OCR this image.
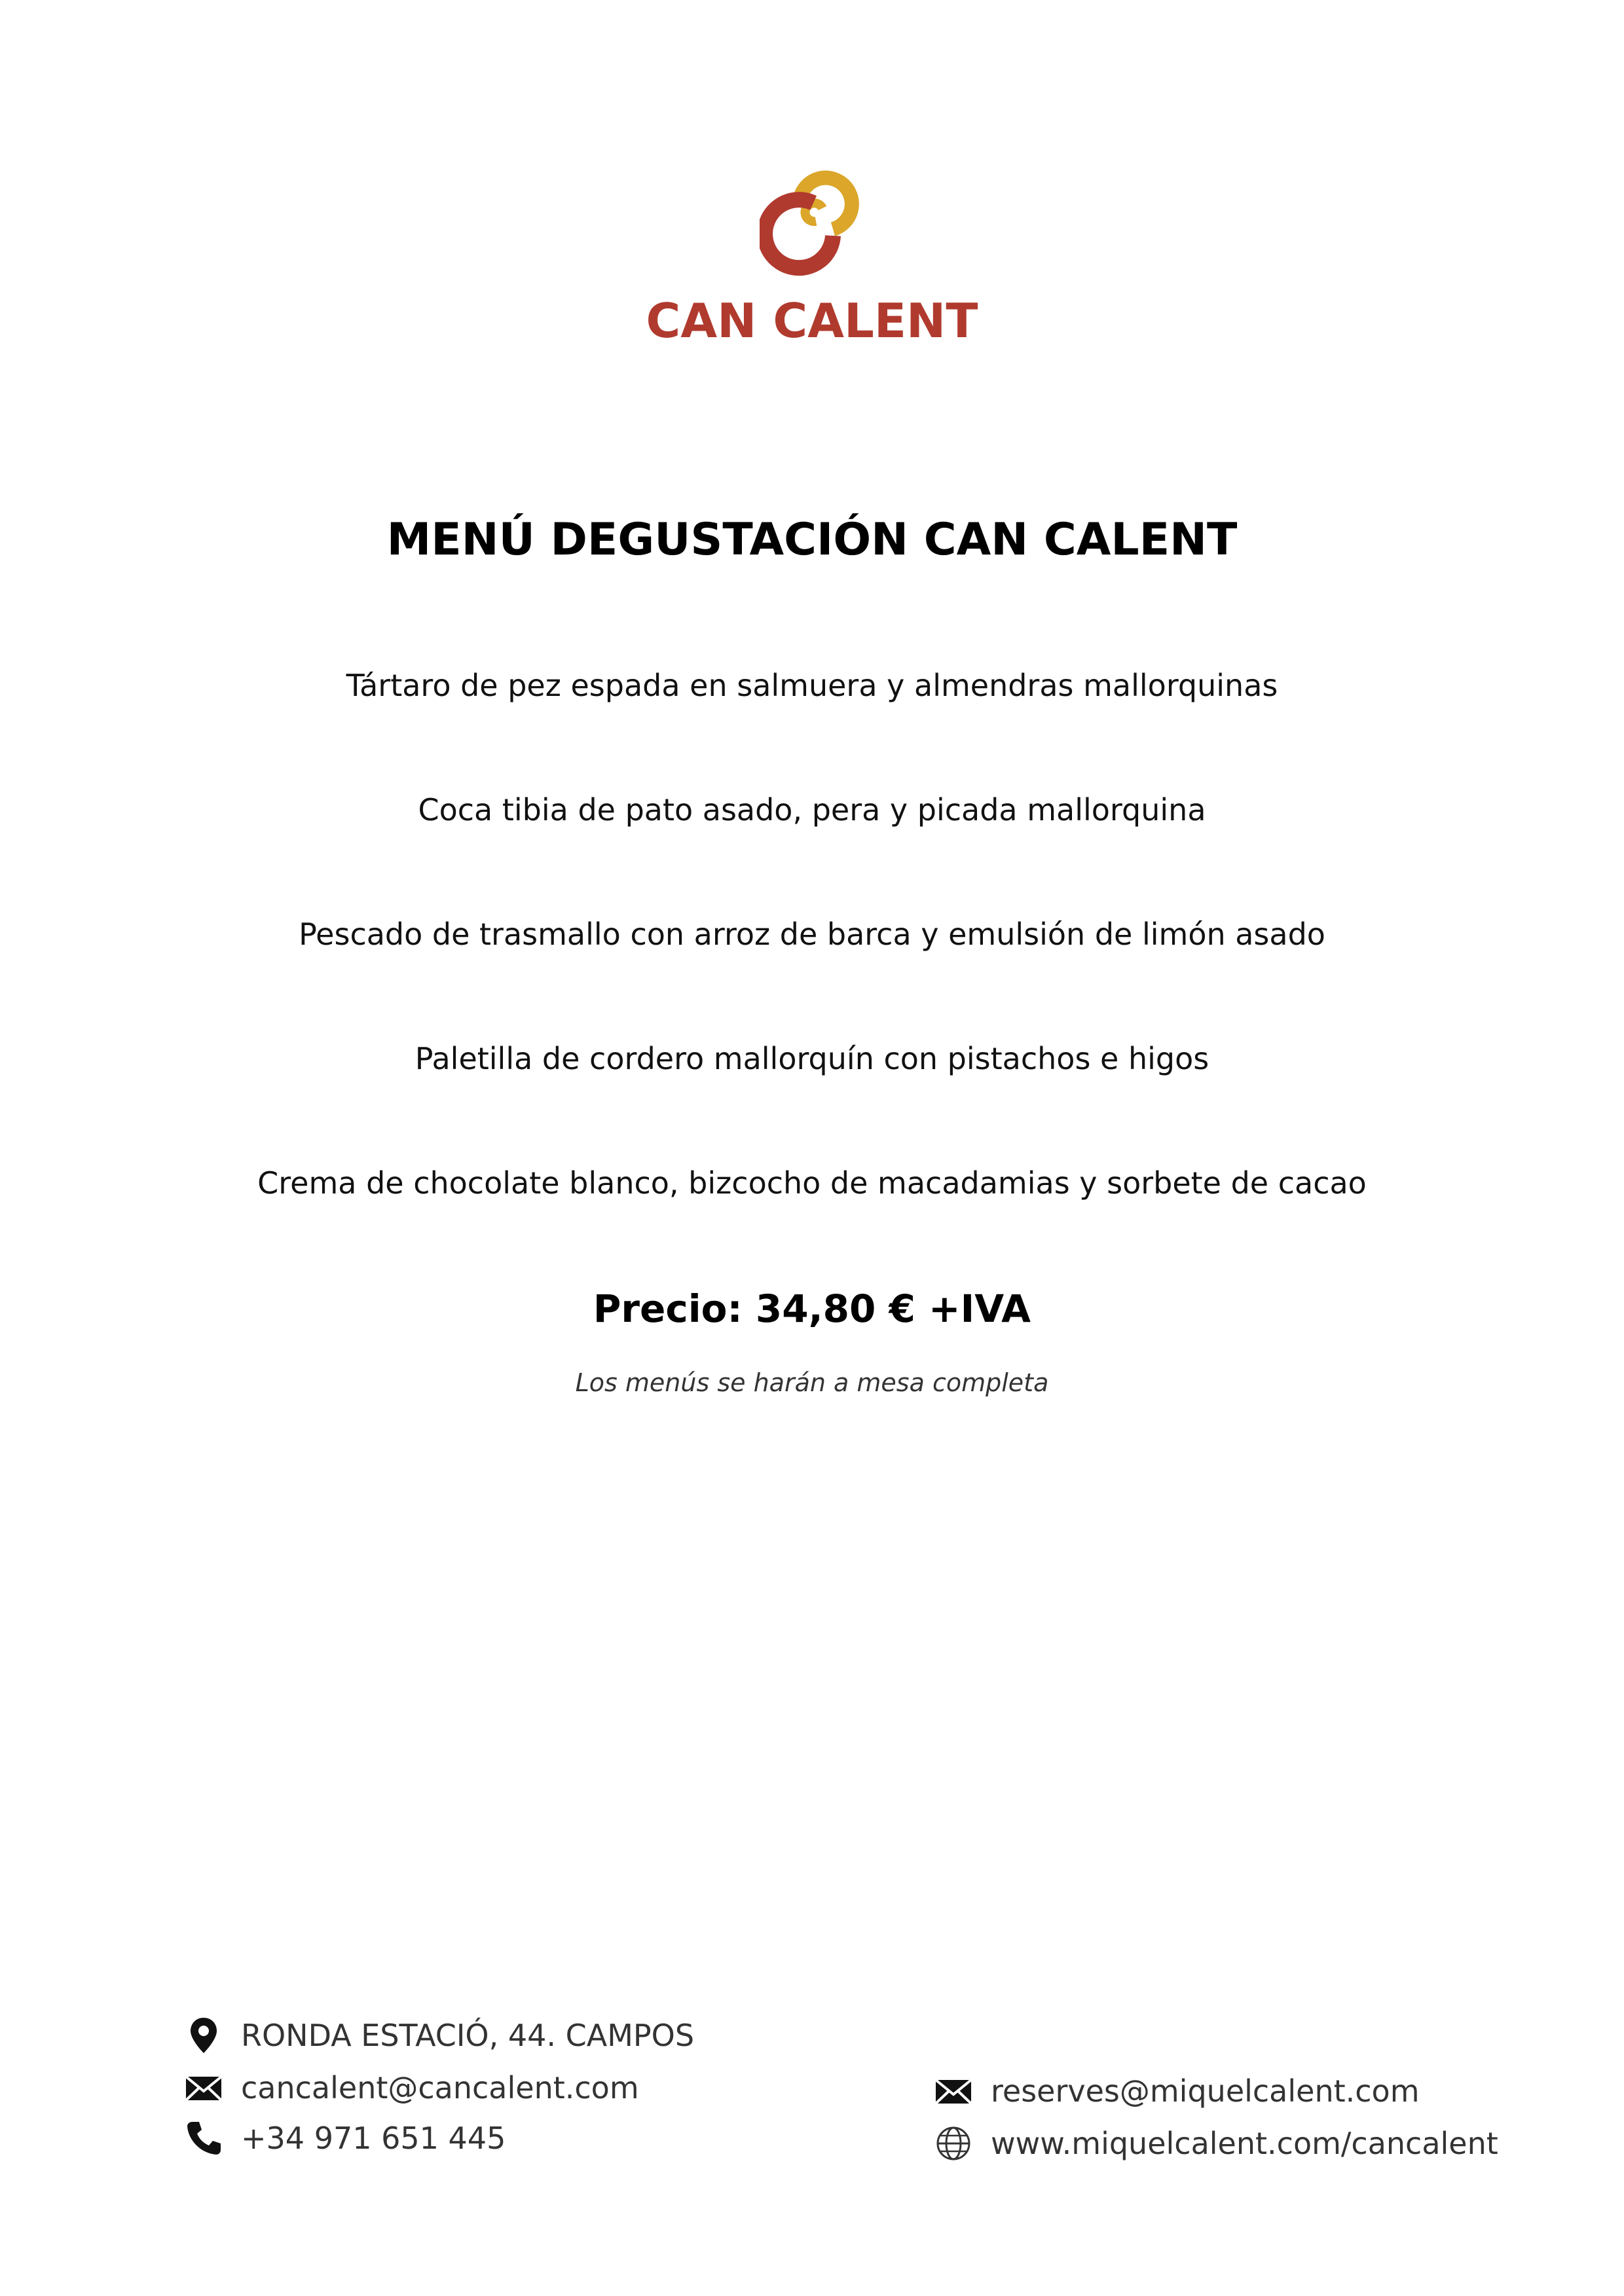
CAN CALENT
MENÚ DEGUSTACIÓN CAN CALENT
Tártaro de pez espada en salmuera y almendras mallorquinas
Coca tibia de pato asado, pera y picada mallorquina
Pescado de trasmallo con arroz de barca y emulsión de limón asado
Paletilla de cordero mallorquín con pistachos e higos
Crema de chocolate blanco, bizcocho de macadamias y sorbete de cacao
Precio: 34,80 € +IVA
Los menús se harán a mesa completa
RONDA ESTACIÓ, 44. CAMPOS
cancalent@cancalent.com
+34 971 651 445
reserves@miquelcalent.com
www.miquelcalent.com/cancalent
